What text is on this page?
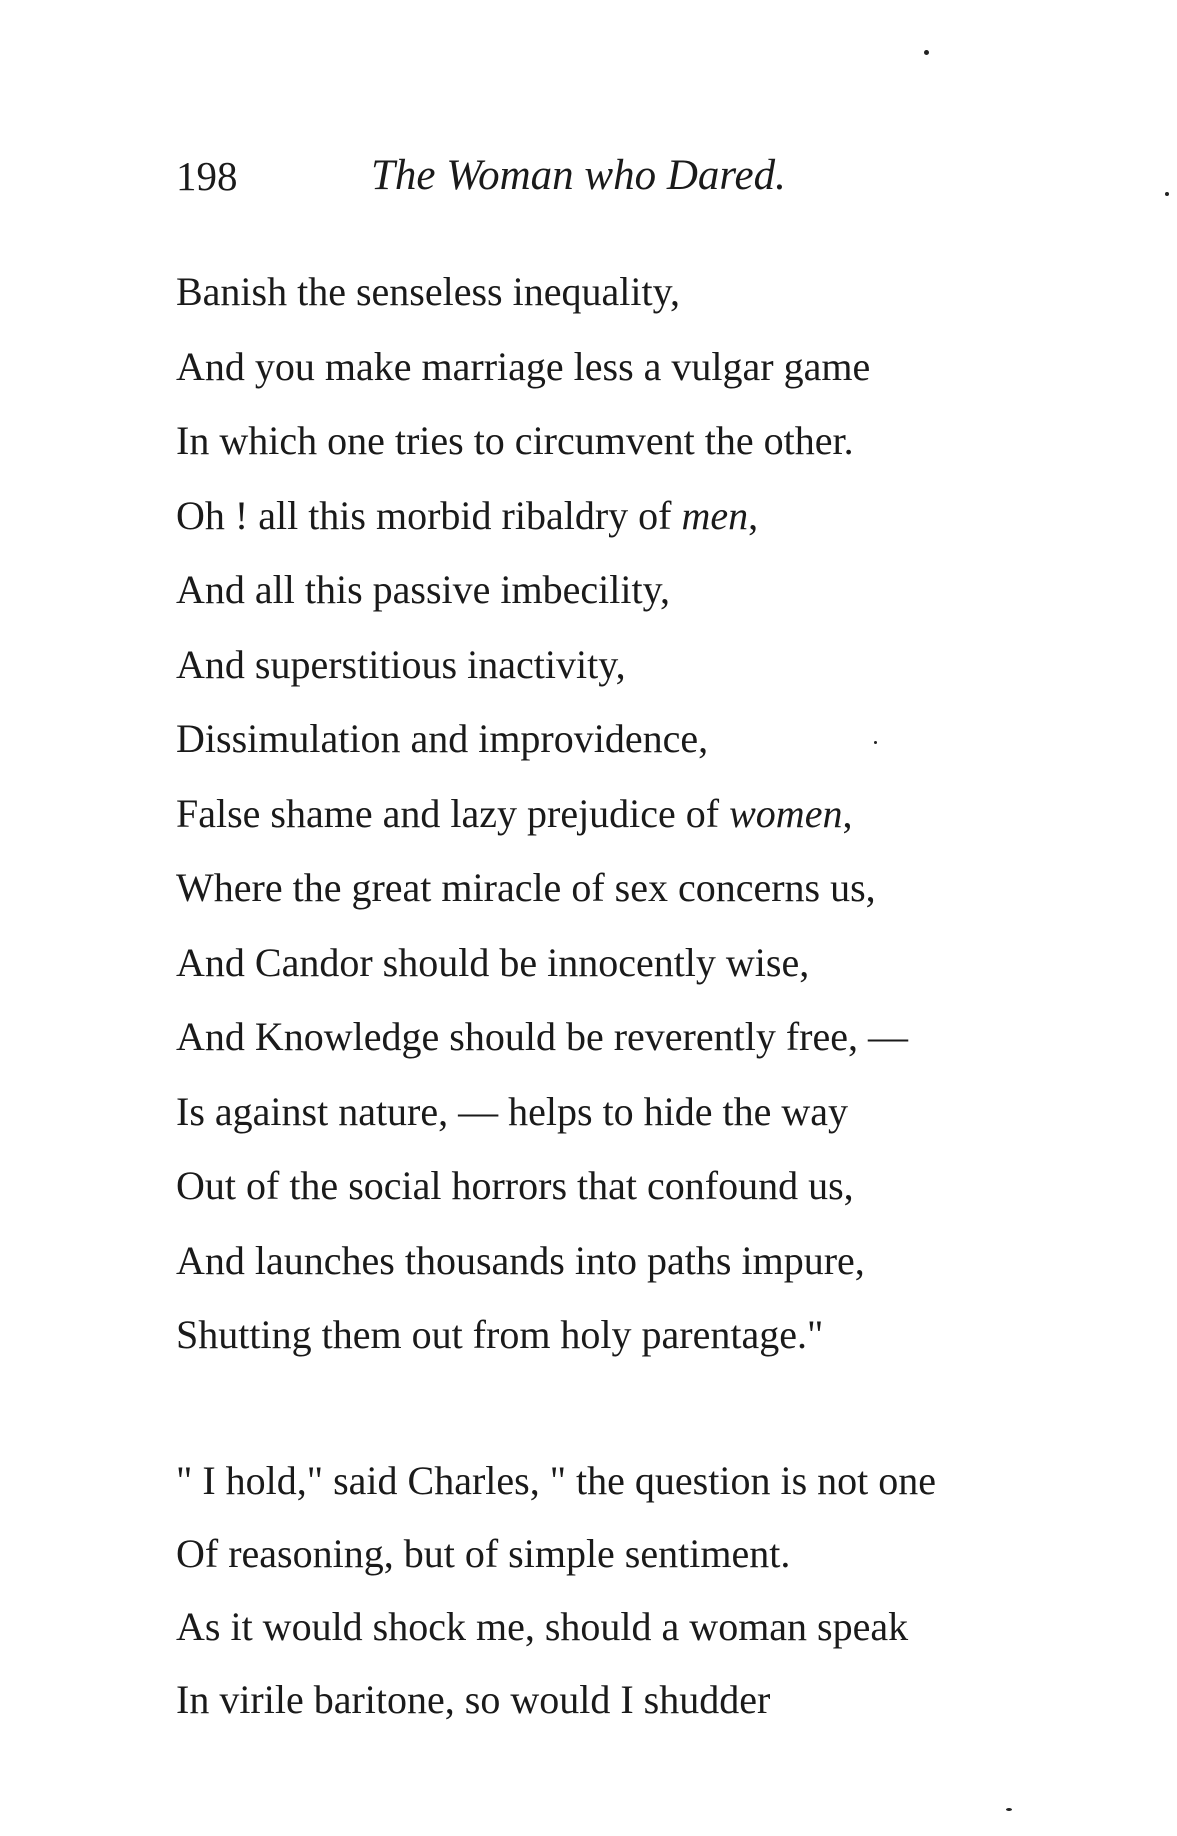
198	The Woman who Dared.
Banish the senseless inequality,
And you make marriage less a vulgar game
In which one tries to circumvent the other.
Oh ! all this morbid ribaldry of men,
And all this passive imbecility,
And superstitious inactivity,
Dissimulation and improvidence,
False shame and lazy prejudice of women,
Where the great miracle of sex concerns us,
And Candor should be innocently wise,
And Knowledge should be reverently free, —
Is against nature, — helps to hide the way
Out of the social horrors that confound us,
And launches thousands into paths impure,
Shutting them out from holy parentage."
" I hold," said Charles, " the question is not one
Of reasoning, but of simple sentiment.
As it would shock me, should a woman speak
In virile baritone, so would I shudder
